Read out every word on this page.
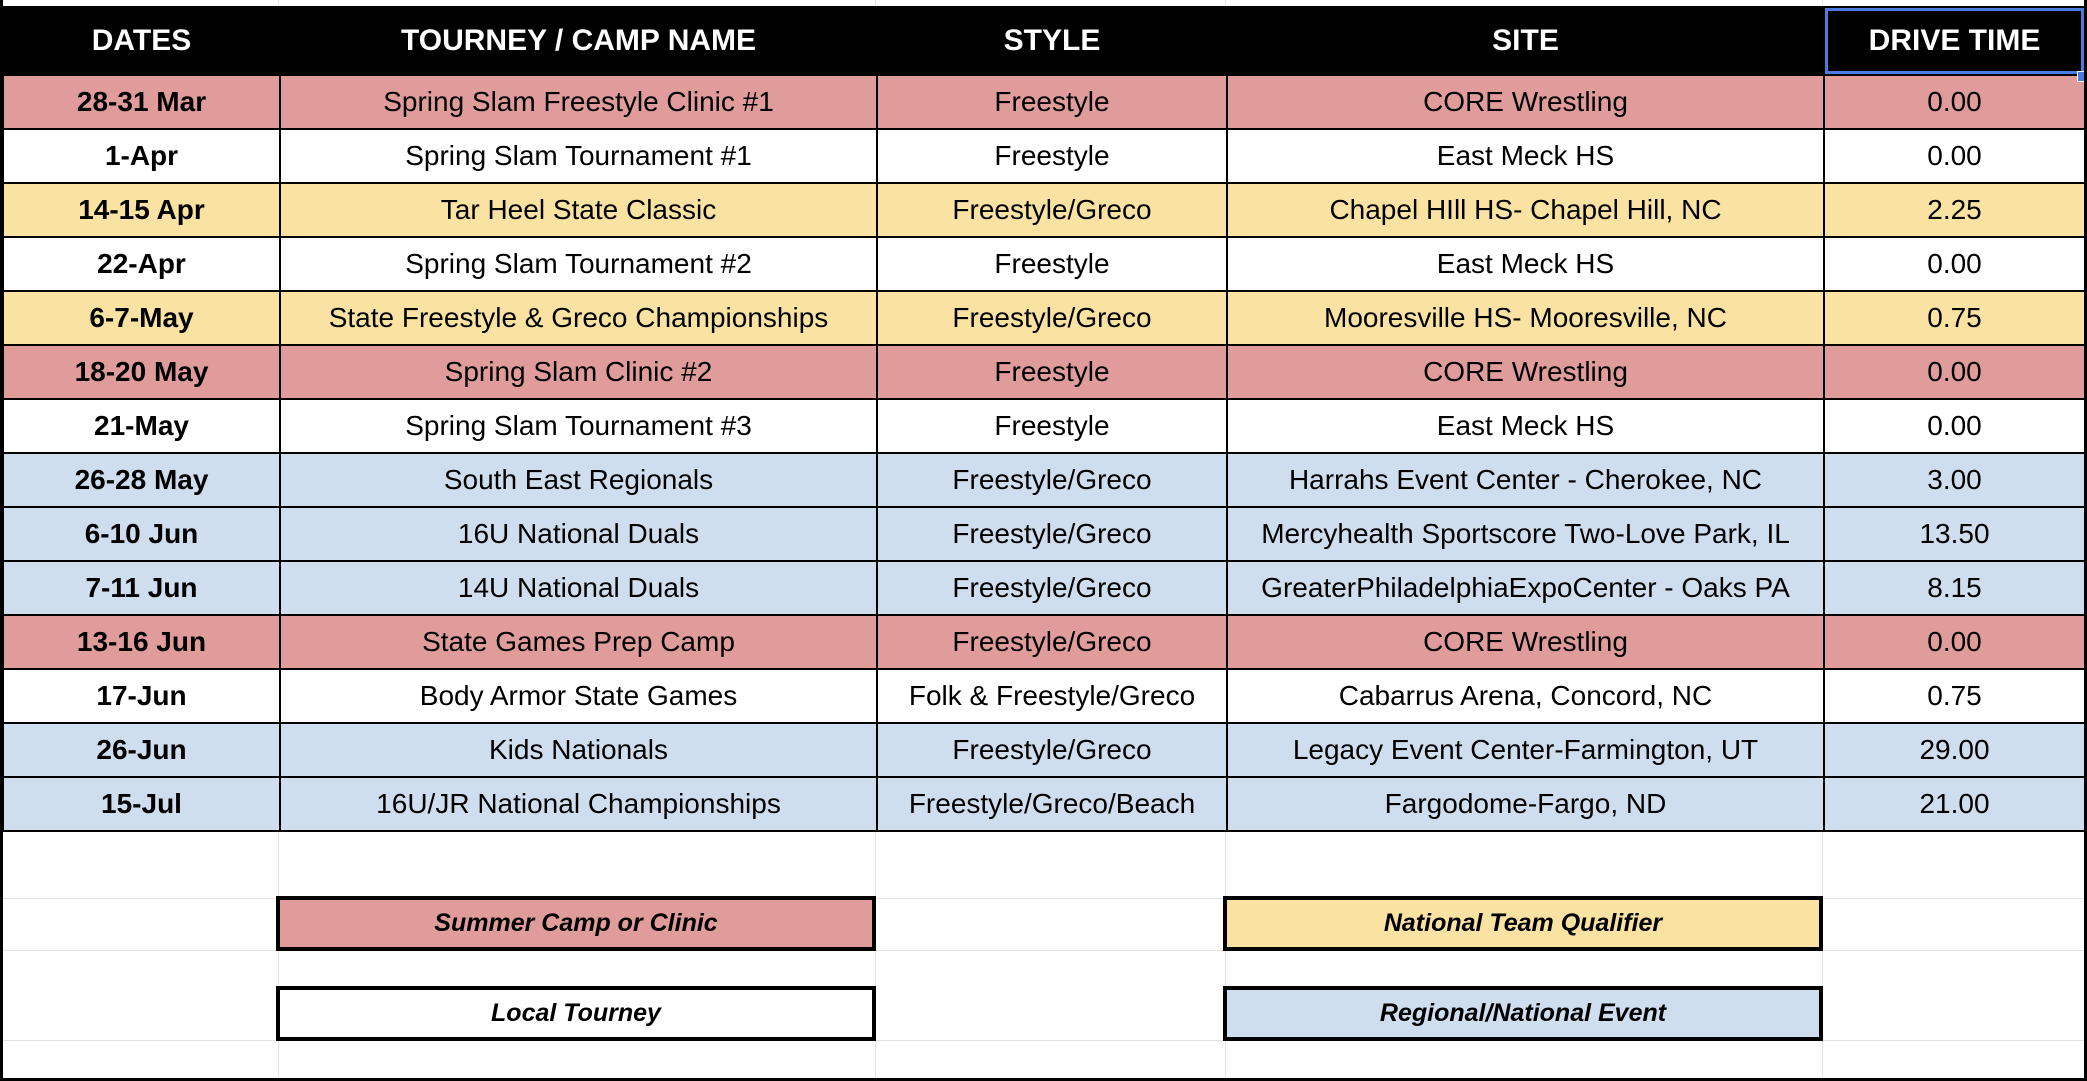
DATES	TOURNEY / CAMP NAME	STYLE	SITE	DRIVE TIME
28-31 Mar	Spring Slam Freestyle Clinic #1	Freestyle	CORE Wrestling	0.00
1-Apr	Spring Slam Tournament #1	Freestyle	East Meck HS	0.00
14-15 Apr	Tar Heel State Classic	Freestyle/Greco	Chapel HIll HS- Chapel Hill, NC	2.25
22-Apr	Spring Slam Tournament #2	Freestyle	East Meck HS	0.00
6-7-May	State Freestyle & Greco Championships	Freestyle/Greco	Mooresville HS- Mooresville, NC	0.75
18-20 May	Spring Slam Clinic #2	Freestyle	CORE Wrestling	0.00
21-May	Spring Slam Tournament #3	Freestyle	East Meck HS	0.00
26-28 May	South East Regionals	Freestyle/Greco	Harrahs Event Center - Cherokee, NC	3.00
6-10 Jun	16U National Duals	Freestyle/Greco	Mercyhealth Sportscore Two-Love Park, IL	13.50
7-11 Jun	14U National Duals	Freestyle/Greco	GreaterPhiladelphiaExpoCenter - Oaks PA	8.15
13-16 Jun	State Games Prep Camp	Freestyle/Greco	CORE Wrestling	0.00
17-Jun	Body Armor State Games	Folk & Freestyle/Greco	Cabarrus Arena, Concord, NC	0.75
26-Jun	Kids Nationals	Freestyle/Greco	Legacy Event Center-Farmington, UT	29.00
15-Jul	16U/JR National Championships	Freestyle/Greco/Beach	Fargodome-Fargo, ND	21.00
Summer Camp or Clinic	National Team Qualifier
Local Tourney	Regional/National Event
